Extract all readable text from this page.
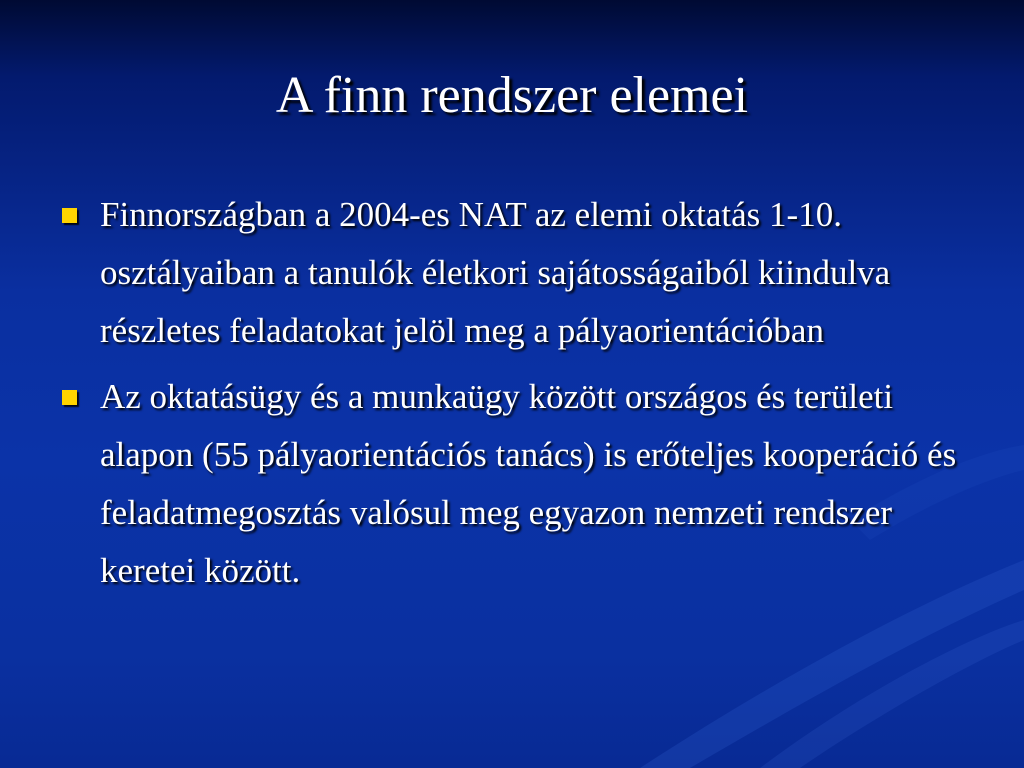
A finn rendszer elemei
Finnországban a 2004-es NAT az elemi oktatás 1-10. osztályaiban a tanulók életkori sajátosságaiból kiindulva részletes feladatokat jelöl meg a pályaorientációban
Az oktatásügy és a munkaügy között országos és területi alapon (55 pályaorientációs tanács) is erőteljes kooperáció és feladatmegosztás valósul meg egyazon nemzeti rendszer keretei között.
